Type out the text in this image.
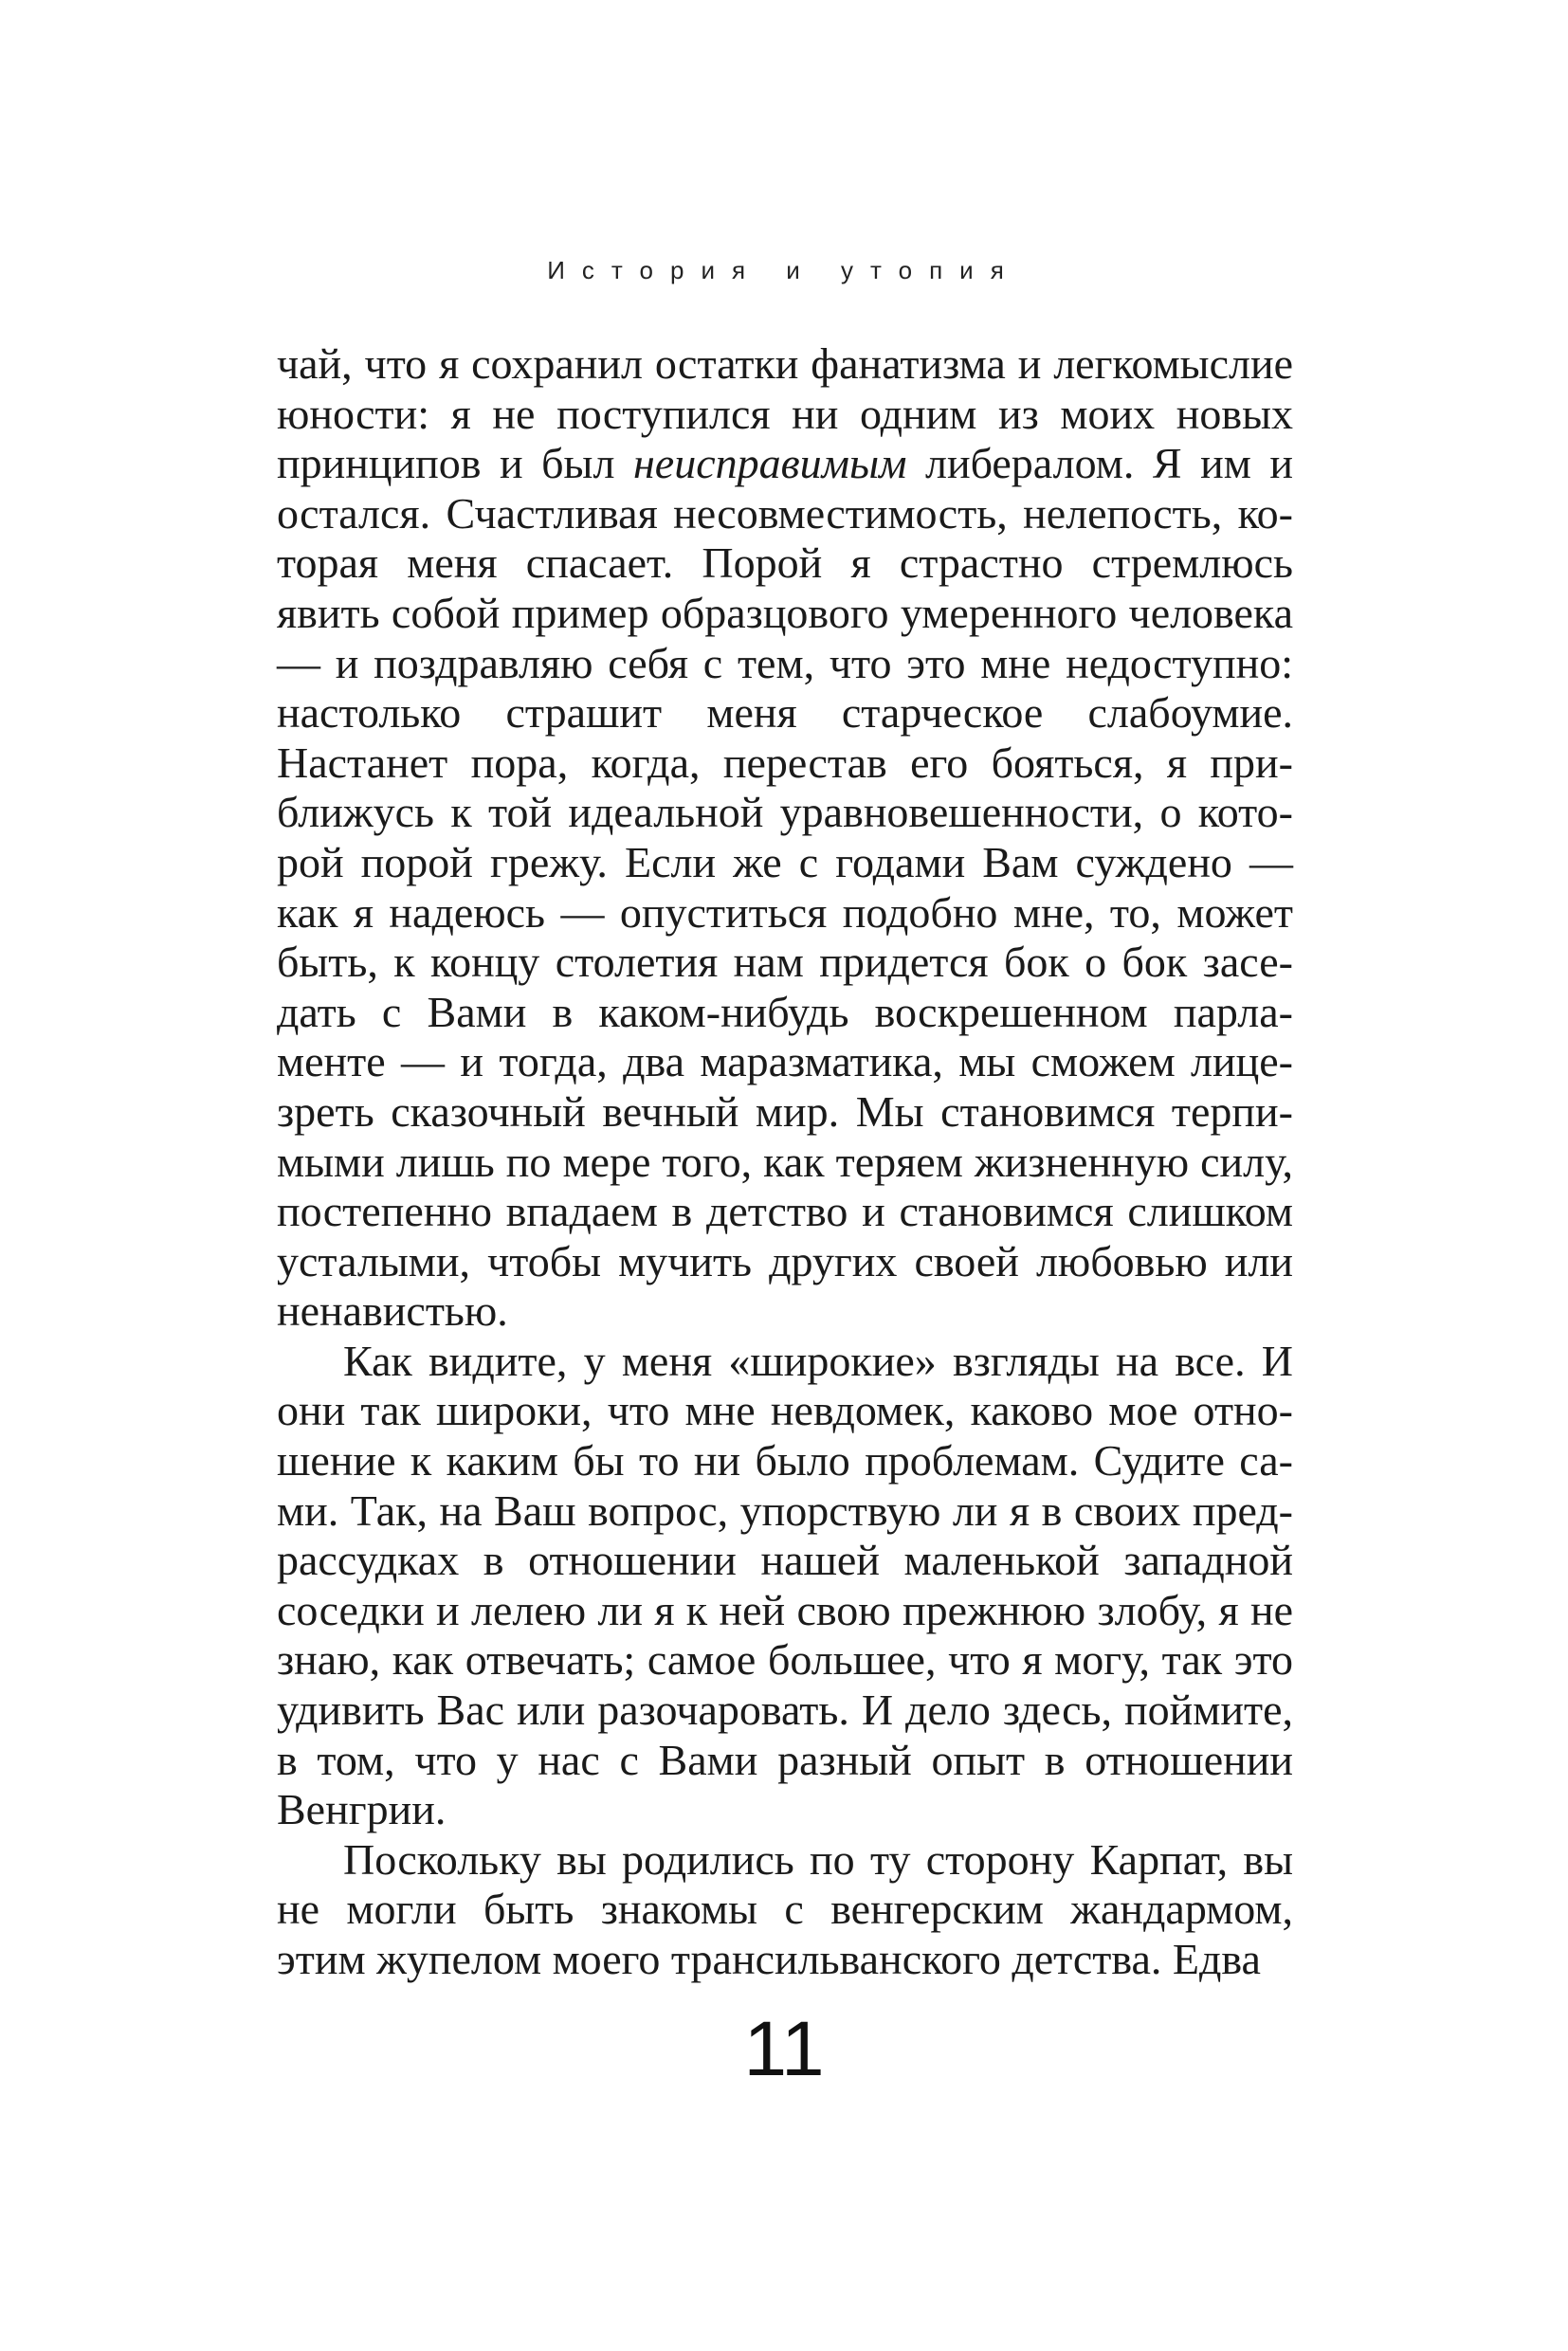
История и утопия

чай, что я сохранил остатки фанатизма и легкомыслие юности: я не поступился ни одним из моих новых принципов и был неисправимым либералом. Я им и остался. Счастливая несовместимость, нелепость, которая меня спасает. Порой я страстно стремлюсь явить собой пример образцового умеренного человека — и поздравляю себя с тем, что это мне недоступно: настолько страшит меня старческое слабоумие. Настанет пора, когда, перестав его бояться, я приближусь к той идеальной уравновешенности, о которой порой грежу. Если же с годами Вам суждено — как я надеюсь — опуститься подобно мне, то, может быть, к концу столетия нам придется бок о бок заседать с Вами в каком-нибудь воскрешенном парламенте — и тогда, два маразматика, мы сможем лицезреть сказочный вечный мир. Мы становимся терпимыми лишь по мере того, как теряем жизненную силу, постепенно впадаем в детство и становимся слишком усталыми, чтобы мучить других своей любовью или ненавистью.

Как видите, у меня «широкие» взгляды на все. И они так широки, что мне невдомек, каково мое отношение к каким бы то ни было проблемам. Судите сами. Так, на Ваш вопрос, упорствую ли я в своих предрассудках в отношении нашей маленькой западной соседки и лелею ли я к ней свою прежнюю злобу, я не знаю, как отвечать; самое большее, что я могу, так это удивить Вас или разочаровать. И дело здесь, поймите, в том, что у нас с Вами разный опыт в отношении Венгрии.

Поскольку вы родились по ту сторону Карпат, вы не могли быть знакомы с венгерским жандармом, этим жупелом моего трансильванского детства. Едва

11
